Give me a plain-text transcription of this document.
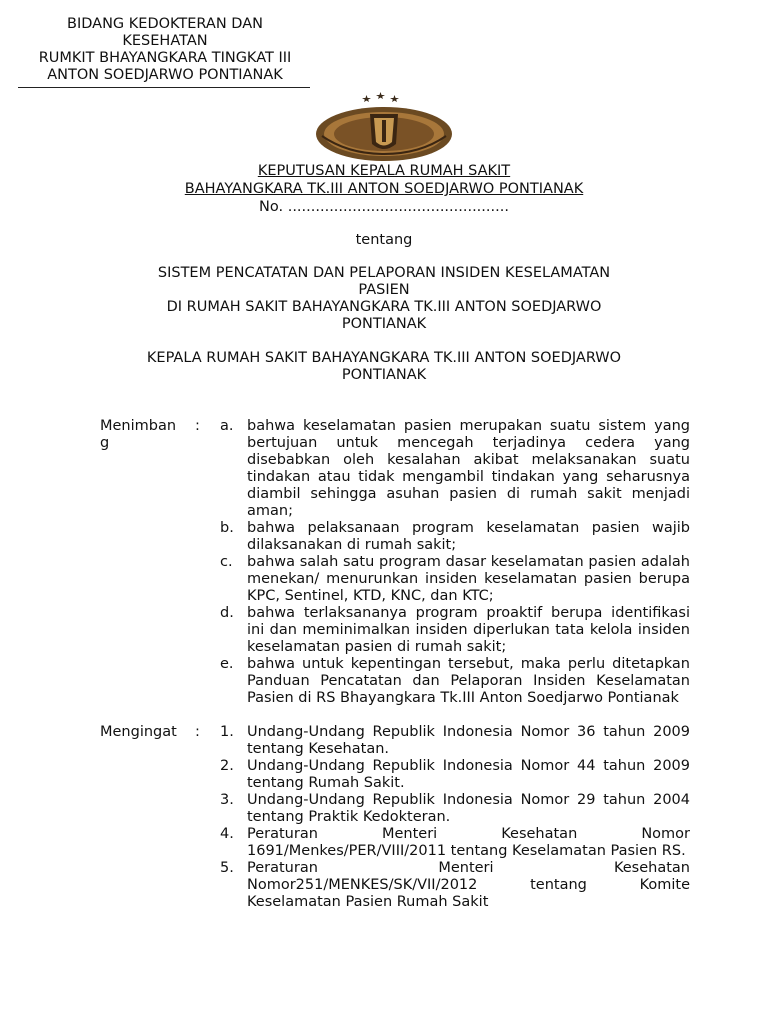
BIDANG KEDOKTERAN DAN
KESEHATAN
RUMKIT BHAYANGKARA TINGKAT III
ANTON SOEDJARWO PONTIANAK
KEPUTUSAN KEPALA RUMAH SAKIT
BAHAYANGKARA TK.III ANTON SOEDJARWO PONTIANAK
No. ................................................
tentang
SISTEM PENCATATAN DAN PELAPORAN INSIDEN KESELAMATAN
PASIEN
DI RUMAH SAKIT BAHAYANGKARA TK.III ANTON SOEDJARWO
PONTIANAK
KEPALA RUMAH SAKIT BAHAYANGKARA TK.III ANTON SOEDJARWO
PONTIANAK
Menimban
g
:	a. bahwa keselamatan pasien merupakan suatu sistem yang bertujuan untuk mencegah terjadinya cedera yang disebabkan oleh kesalahan akibat melaksanakan suatu tindakan atau tidak mengambil tindakan yang seharusnya diambil sehingga asuhan pasien di rumah sakit menjadi aman;
b. bahwa pelaksanaan program keselamatan pasien wajib dilaksanakan di rumah sakit;
c. bahwa salah satu program dasar keselamatan pasien adalah menekan/ menurunkan insiden keselamatan pasien berupa KPC, Sentinel, KTD, KNC, dan KTC;
d. bahwa terlaksananya program proaktif berupa identifikasi ini dan meminimalkan insiden diperlukan tata kelola insiden keselamatan pasien di rumah sakit;
e. bahwa untuk kepentingan tersebut, maka perlu ditetapkan Panduan Pencatatan dan Pelaporan Insiden Keselamatan Pasien di RS Bhayangkara Tk.III Anton Soedjarwo Pontianak
Mengingat	:	1. Undang-Undang Republik Indonesia Nomor 36 tahun 2009 tentang Kesehatan.
2. Undang-Undang Republik Indonesia Nomor 44 tahun 2009 tentang Rumah Sakit.
3. Undang-Undang Republik Indonesia Nomor 29 tahun 2004 tentang Praktik Kedokteran.
4. Peraturan Menteri Kesehatan Nomor 1691/Menkes/PER/VIII/2011 tentang Keselamatan Pasien RS.
5. Peraturan Menteri Kesehatan Nomor251/MENKES/SK/VII/2012 tentang Komite Keselamatan Pasien Rumah Sakit
